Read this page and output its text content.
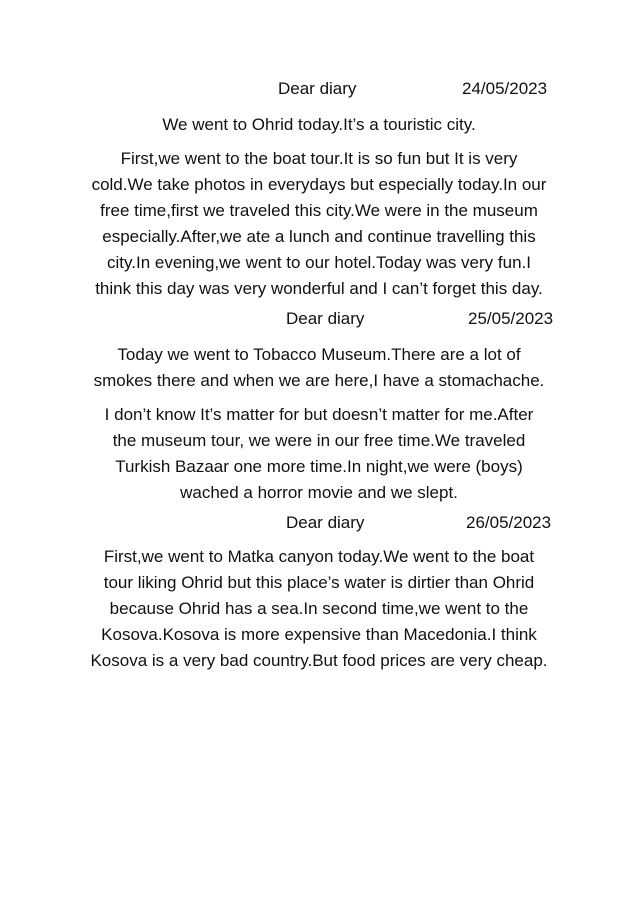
Dear diary	24/05/2023
We went to Ohrid today.It’s a touristic city.
First,we went to the boat tour.It is so fun but It is very
cold.We take photos in everydays but especially today.In our
free time,first we traveled this city.We were in the museum
especially.After,we ate a lunch and continue travelling this
city.In evening,we went to our hotel.Today was very fun.I
think this day was very wonderful and I can’t forget this day.
Dear diary	25/05/2023
Today we went to Tobacco Museum.There are a lot of
smokes there and when we are here,I have a stomachache.
I don’t know It’s matter for but doesn’t matter for me.After
the museum tour, we were in our free time.We traveled
Turkish Bazaar one more time.In night,we were (boys)
wached a horror movie and we slept.
Dear diary	26/05/2023
First,we went to Matka canyon today.We went to the boat
tour liking Ohrid but this place’s water is dirtier than Ohrid
because Ohrid has a sea.In second time,we went to the
Kosova.Kosova is more expensive than Macedonia.I think
Kosova is a very bad country.But food prices are very cheap.
